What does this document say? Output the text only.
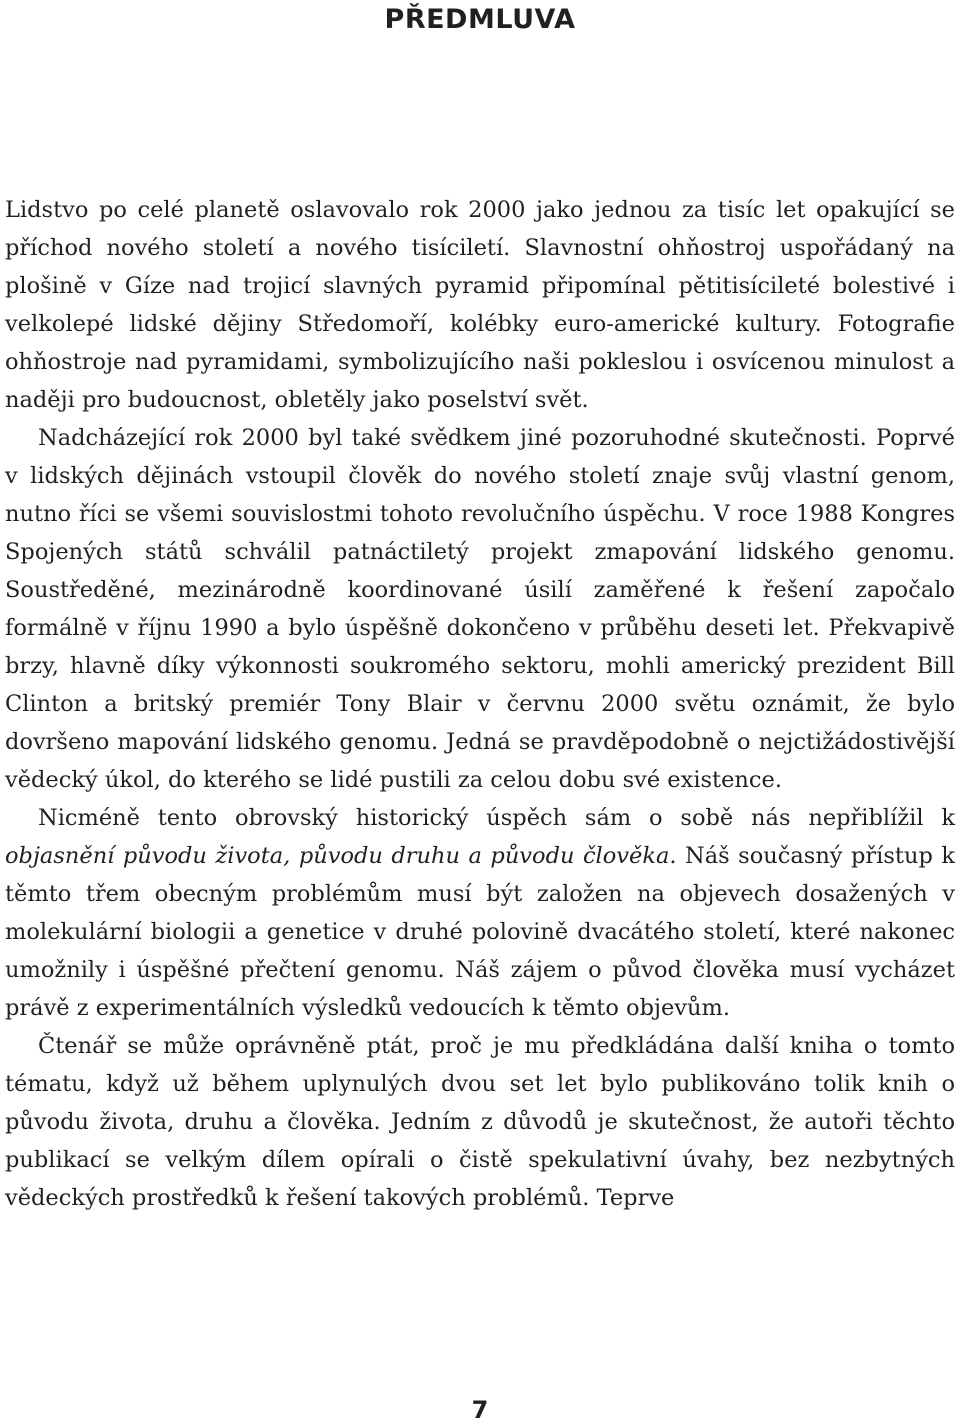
PŘEDMLUVA

Lidstvo po celé planetě oslavovalo rok 2000 jako jednou za tisíc let opakující se příchod nového století a nového tisíciletí. Slavnostní ohňostroj uspořádaný na plošině v Gíze nad trojicí slavných pyramid připomínal pětitisícileté bolestivé i velkolepé lidské dějiny Středomoří, kolébky euro-americké kultury. Fotografie ohňostroje nad pyramidami, symbolizujícího naši pokleslou i osvícenou minulost a naději pro budoucnost, obletěly jako poselství svět.

Nadcházející rok 2000 byl také svědkem jiné pozoruhodné skutečnosti. Poprvé v lidských dějinách vstoupil člověk do nového století znaje svůj vlastní genom, nutno říci se všemi souvislostmi tohoto revolučního úspěchu. V roce 1988 Kongres Spojených států schválil patnáctiletý projekt zmapování lidského genomu. Soustředěné, mezinárodně koordinované úsilí zaměřené k řešení započalo formálně v říjnu 1990 a bylo úspěšně dokončeno v průběhu deseti let. Překvapivě brzy, hlavně díky výkonnosti soukromého sektoru, mohli americký prezident Bill Clinton a britský premiér Tony Blair v červnu 2000 světu oznámit, že bylo dovršeno mapování lidského genomu. Jedná se pravděpodobně o nejctižádostivější vědecký úkol, do kterého se lidé pustili za celou dobu své existence.

Nicméně tento obrovský historický úspěch sám o sobě nás nepřiblížil k objasnění původu života, původu druhu a původu člověka. Náš současný přístup k těmto třem obecným problémům musí být založen na objevech dosažených v molekulární biologii a genetice v druhé polovině dvacátého století, které nakonec umožnily i úspěšné přečtení genomu. Náš zájem o původ člověka musí vycházet právě z experimentálních výsledků vedoucích k těmto objevům.

Čtenář se může oprávněně ptát, proč je mu předkládána další kniha o tomto tématu, když už během uplynulých dvou set let bylo publikováno tolik knih o původu života, druhu a člověka. Jedním z důvodů je skutečnost, že autoři těchto publikací se velkým dílem opírali o čistě spekulativní úvahy, bez nezbytných vědeckých prostředků k řešení takových problémů. Teprve

7
